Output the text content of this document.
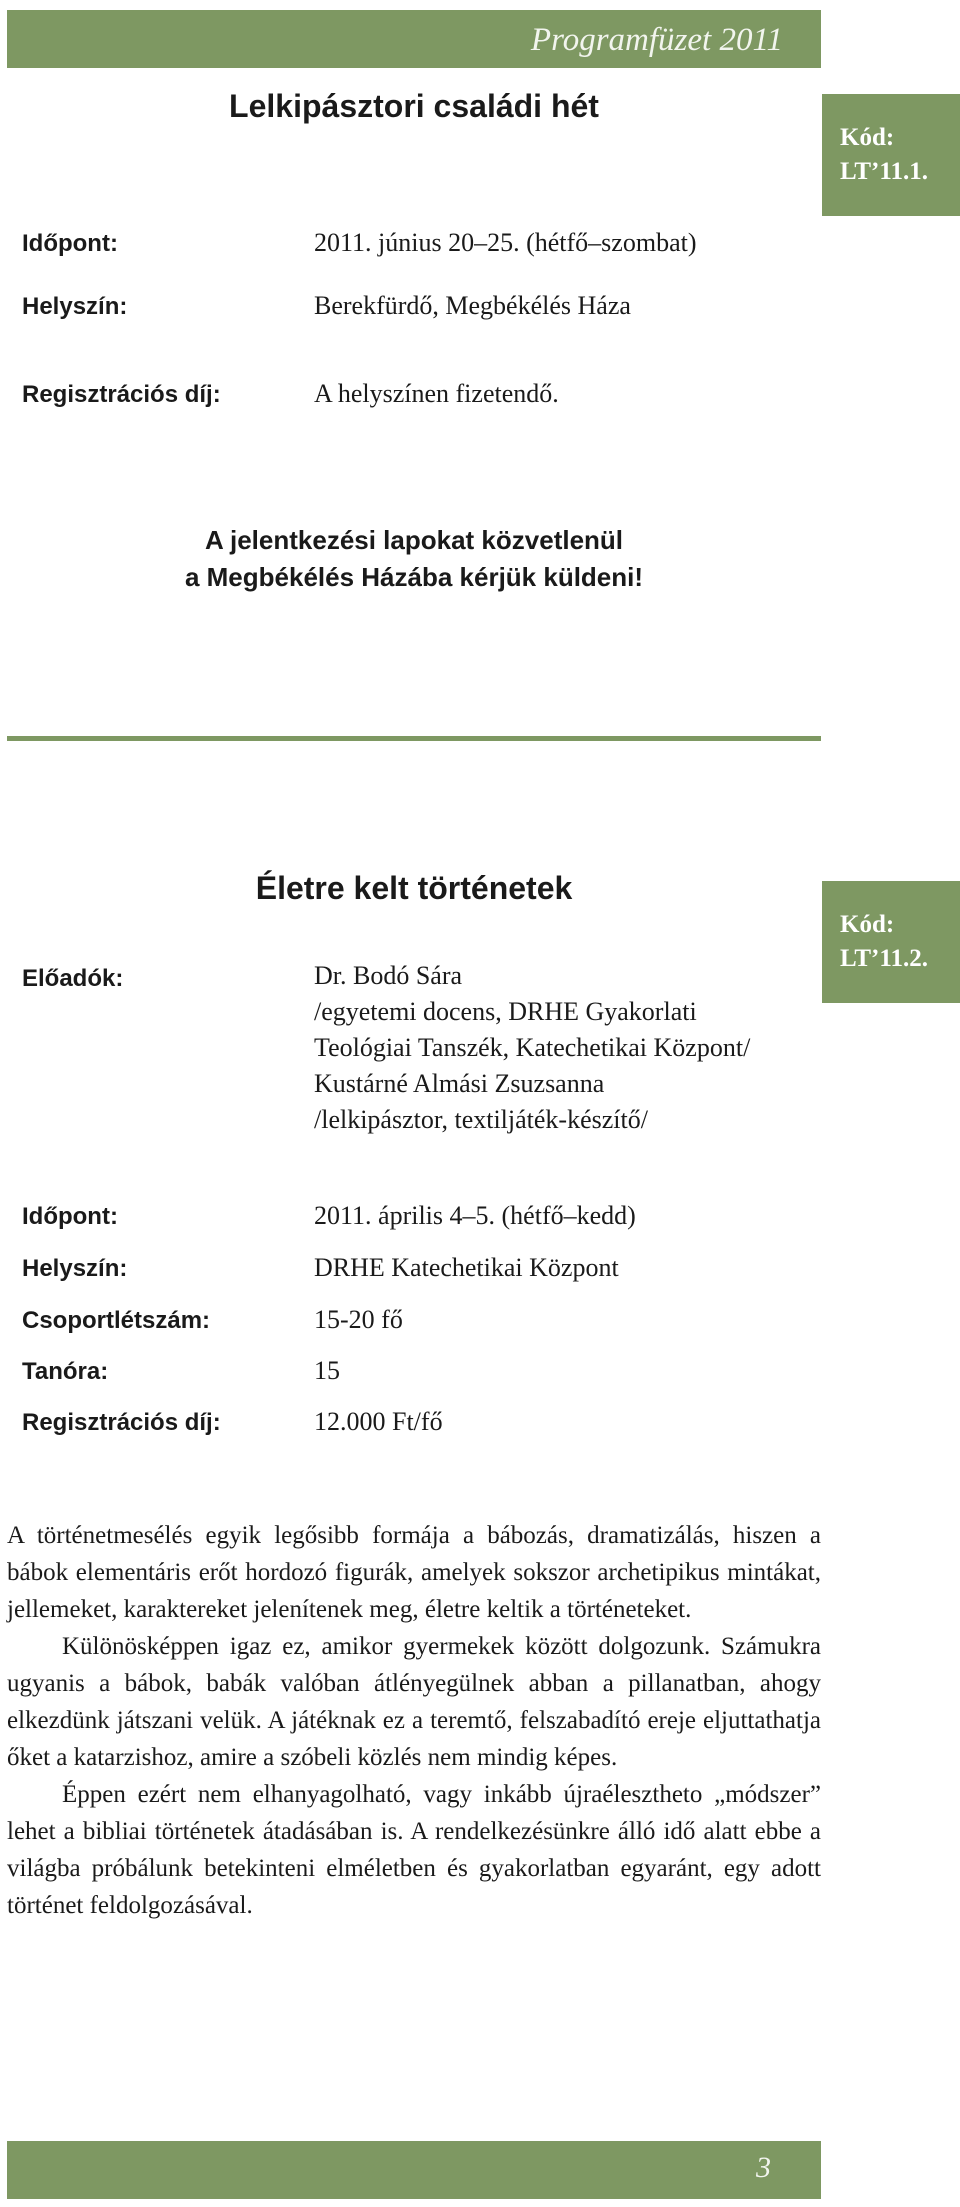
Programfüzet 2011
Lelkipásztori családi hét
Kód:
LT’11.1.
Időpont:	2011. június 20–25. (hétfő–szombat)
Helyszín:	Berekfürdő, Megbékélés Háza
Regisztrációs díj:	A helyszínen fizetendő.
A jelentkezési lapokat közvetlenül
a Megbékélés Házába kérjük küldeni!
Életre kelt történetek
Kód:
LT’11.2.
Előadók:	Dr. Bodó Sára
/egyetemi docens, DRHE Gyakorlati
Teológiai Tanszék, Katechetikai Központ/
Kustárné Almási Zsuzsanna
/lelkipásztor, textiljáték-készítő/
Időpont:	2011. április 4–5. (hétfő–kedd)
Helyszín:	DRHE Katechetikai Központ
Csoportlétszám:	15-20 fő
Tanóra:	15
Regisztrációs díj:	12.000 Ft/fő

A történetmesélés egyik legősibb formája a bábozás, dramatizálás, hiszen a bábok elementáris erőt hordozó figurák, amelyek sokszor archetipikus mintákat, jellemeket, karaktereket jelenítenek meg, életre keltik a történeteket.

Különösképpen igaz ez, amikor gyermekek között dolgozunk. Számukra ugyanis a bábok, babák valóban átlényegülnek abban a pillanatban, ahogy elkezdünk játszani velük. A játéknak ez a teremtő, felszabadító ereje eljuttathatja őket a katarzishoz, amire a szóbeli közlés nem mindig képes.

Éppen ezért nem elhanyagolható, vagy inkább újraélesztheto „módszer” lehet a bibliai történetek átadásában is. A rendelkezésünkre álló idő alatt ebbe a világba próbálunk betekinteni elméletben és gyakorlatban egyaránt, egy adott történet feldolgozásával.

3
